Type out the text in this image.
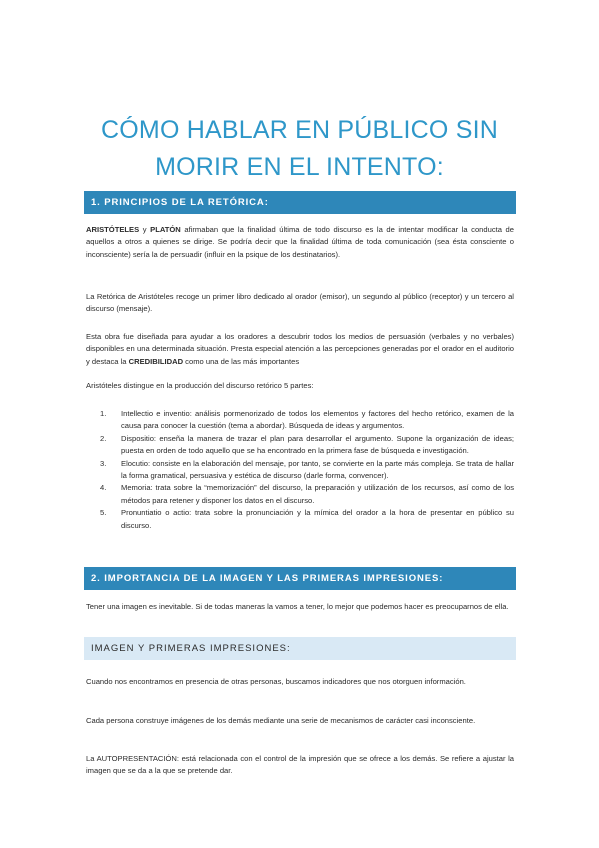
CÓMO HABLAR EN PÚBLICO SIN
MORIR EN EL INTENTO:
1. PRINCIPIOS DE LA RETÓRICA:
ARISTÓTELES y PLATÓN afirmaban que la finalidad última de todo discurso es la de intentar modificar la conducta de aquellos a otros a quienes se dirige. Se podría decir que la finalidad última de toda comunicación (sea ésta consciente o inconsciente) sería la de persuadir (influir en la psique de los destinatarios).
La Retórica de Aristóteles recoge un primer libro dedicado al orador (emisor), un segundo al público (receptor) y un tercero al discurso (mensaje).
Esta obra fue diseñada para ayudar a los oradores a descubrir todos los medios de persuasión (verbales y no verbales) disponibles en una determinada situación. Presta especial atención a las percepciones generadas por el orador en el auditorio y destaca la CREDIBILIDAD como una de las más importantes
Aristóteles distingue en la producción del discurso retórico 5 partes:
1. Intellectio e inventio: análisis pormenorizado de todos los elementos y factores del hecho retórico, examen de la causa para conocer la cuestión (tema a abordar). Búsqueda de ideas y argumentos.
2. Dispositio: enseña la manera de trazar el plan para desarrollar el argumento. Supone la organización de ideas; puesta en orden de todo aquello que se ha encontrado en la primera fase de búsqueda e investigación.
3. Elocutio: consiste en la elaboración del mensaje, por tanto, se convierte en la parte más compleja. Se trata de hallar la forma gramatical, persuasiva y estética de discurso (darle forma, convencer).
4. Memoria: trata sobre la “memorización” del discurso, la preparación y utilización de los recursos, así como de los métodos para retener y disponer los datos en el discurso.
5. Pronuntiatio o actio: trata sobre la pronunciación y la mímica del orador a la hora de presentar en público su discurso.
2. IMPORTANCIA DE LA IMAGEN Y LAS PRIMERAS IMPRESIONES:
Tener una imagen es inevitable. Si de todas maneras la vamos a tener, lo mejor que podemos hacer es preocuparnos de ella.
IMAGEN Y PRIMERAS IMPRESIONES:
Cuando nos encontramos en presencia de otras personas, buscamos indicadores que nos otorguen información.
Cada persona construye imágenes de los demás mediante una serie de mecanismos de carácter casi inconsciente.
La AUTOPRESENTACIÓN: está relacionada con el control de la impresión que se ofrece a los demás. Se refiere a ajustar la imagen que se da a la que se pretende dar.
